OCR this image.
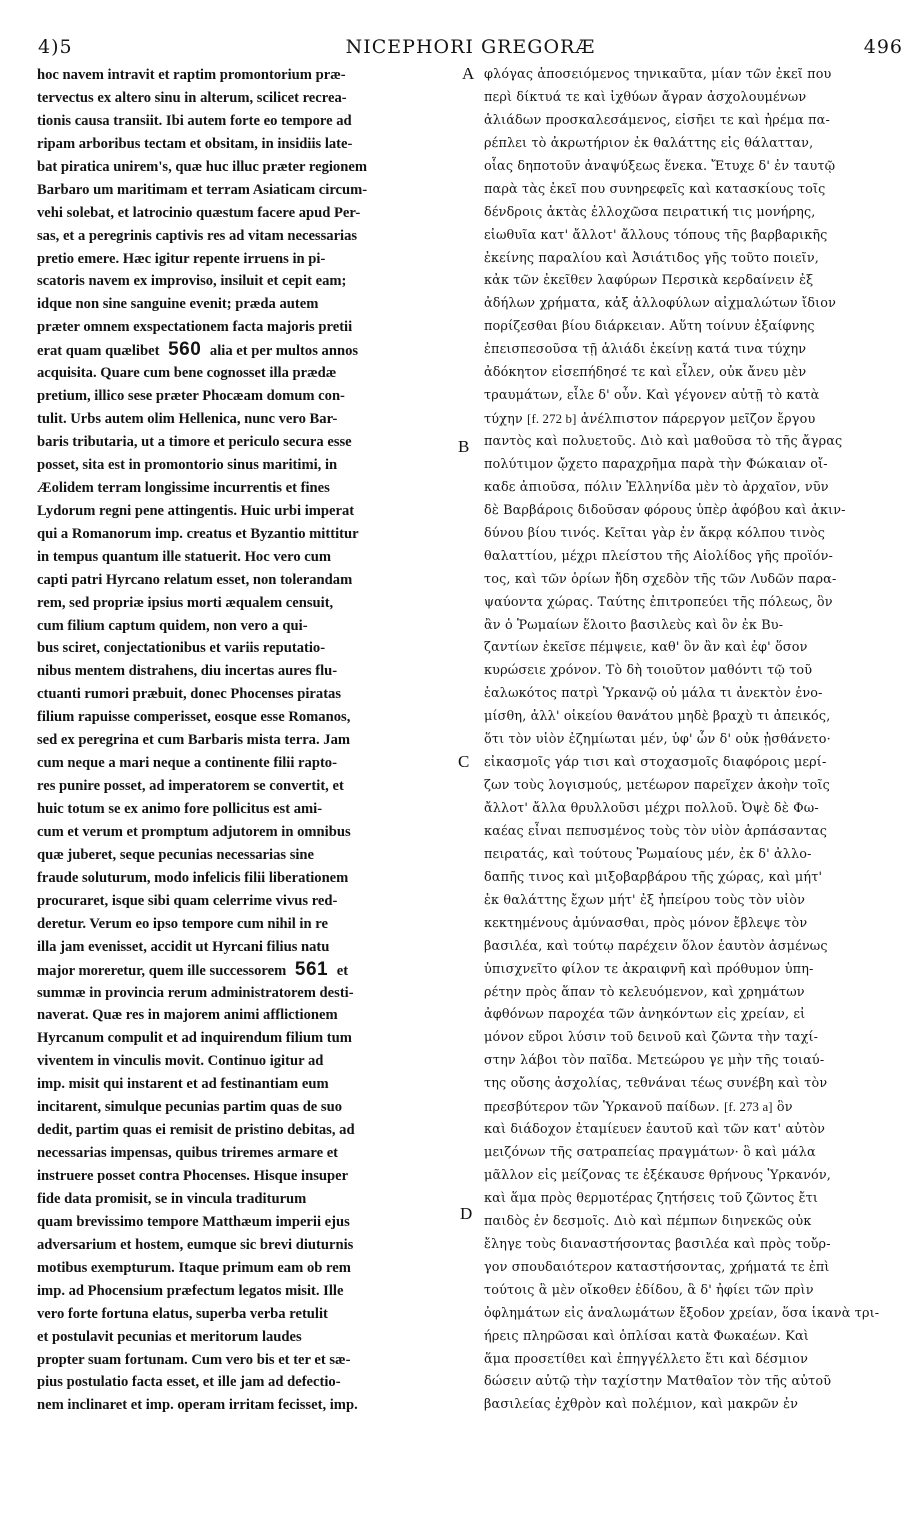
4)5	NICEPHORI GREGORÆ	496
hoc navem intravit et raptim promontorium præ-
tervectus ex altero sinu in alterum, scilicet recrea-
tionis causa transiit. Ibi autem forte eo tempore ad
ripam arboribus tectam et obsitam, in insidiis late-
bat piratica unirem's, quæ huc illuc præter regionem
Barbaro um maritimam et terram Asiaticam circum-
vehi solebat, et latrocinio quæstum facere apud Per-
sas, et a peregrinis captivis res ad vitam necessarias
pretio emere. Hæc igitur repente irruens in pi-
scatoris navem ex improviso, insiluit et cepit eam;
idque non sine sanguine evenit; præda autem
præter omnem exspectationem facta majoris pretii
erat quam quælibet 560 alia et per multos annos
acquisita. Quare cum bene cognosset illa prædæ
pretium, illico sese præter Phocæam domum con-
tulit. Urbs autem olim Hellenica, nunc vero Bar-
baris tributaria, ut a timore et periculo secura esse
posset, sita est in promontorio sinus maritimi, in
Æolidem terram longissime incurrentis et fines
Lydorum regni pene attingentis. Huic urbi imperat
qui a Romanorum imp. creatus et Byzantio mittitur
in tempus quantum ille statuerit. Hoc vero cum
capti patri Hyrcano relatum esset, non tolerandam
rem, sed propriæ ipsius morti æqualem censuit,
cum filium captum quidem, non vero a qui-
bus sciret, conjectationibus et variis reputatio-
nibus mentem distrahens, diu incertas aures flu-
ctuanti rumori præbuit, donec Phocenses piratas
filium rapuisse comperisset, eosque esse Romanos,
sed ex peregrina et cum Barbaris mista terra. Jam
cum neque a mari neque a continente filii rapto-
res punire posset, ad imperatorem se convertit, et
huic totum se ex animo fore pollicitus est ami-
cum et verum et promptum adjutorem in omnibus
quæ juberet, seque pecunias necessarias sine
fraude soluturum, modo infelicis filii liberationem
procuraret, isque sibi quam celerrime vivus red-
deretur. Verum eo ipso tempore cum nihil in re
illa jam evenisset, accidit ut Hyrcani filius natu
major moreretur, quem ille successorem 561 et
summæ in provincia rerum administratorem desti-
naverat. Quæ res in majorem animi afflictionem
Hyrcanum compulit et ad inquirendum filium tum
viventem in vinculis movit. Continuo igitur ad
imp. misit qui instarent et ad festinantiam eum
incitarent, simulque pecunias partim quas de suo
dedit, partim quas ei remisit de pristino debitas, ad
necessarias impensas, quibus triremes armare et
instruere posset contra Phocenses. Hisque insuper
fide data promisit, se in vincula traditurum
quam brevissimo tempore Matthæum imperii ejus
adversarium et hostem, eumque sic brevi diuturnis
motibus exempturum. Itaque primum eam ob rem
imp. ad Phocensium præfectum legatos misit. Ille
vero forte fortuna elatus, superba verba retulit
et postulavit pecunias et meritorum laudes
propter suam fortunam. Cum vero bis et ter et sæ-
pius postulatio facta esset, et ille jam ad defectio-
nem inclinaret et imp. operam irritam fecisset, imp.
φλόγας ἀποσειόμενος τηνικαῦτα, μίαν τῶν ἐκεῖ που
περὶ δίκτυά τε καὶ ἰχθύων ἄγραν ἀσχολουμένων
ἁλιάδων προσκαλεσάμενος, εἰσῆει τε καὶ ἠρέμα πα-
ρέπλει τὸ ἀκρωτήριον ἐκ θαλάττης εἰς θάλατταν,
οἷας δηποτοῦν ἀναψύξεως ἕνεκα. Ἔτυχε δ' ἐν ταυτῷ
παρὰ τὰς ἐκεῖ που συνηρεφεῖς καὶ κατασκίους τοῖς
δένδροις ἀκτὰς ἐλλοχῶσα πειρατική τις μονήρης,
εἰωθυῖα κατ' ἄλλοτ' ἄλλους τόπους τῆς βαρβαρικῆς
ἐκείνης παραλίου καὶ Ἀσιάτιδος γῆς τοῦτο ποιεῖν,
κἀκ τῶν ἐκεῖθεν λαφύρων Περσικὰ κερδαίνειν ἐξ
ἀδήλων χρήματα, κἀξ ἀλλοφύλων αἰχμαλώτων ἴδιον
πορίζεσθαι βίου διάρκειαν. Αὕτη τοίνυν ἐξαίφνης
ἐπεισπεσοῦσα τῇ ἁλιάδι ἐκείνῃ κατά τινα τύχην
ἀδόκητον εἰσεπήδησέ τε καὶ εἷλεν, οὐκ ἄνευ μὲν
τραυμάτων, εἷλε δ' οὖν. Καὶ γέγονεν αὐτῇ τὸ κατὰ
τύχην [f. 272 b] ἀνέλπιστον πάρεργον μεῖζον ἔργου
παντὸς καὶ πολυετοῦς. Διὸ καὶ μαθοῦσα τὸ τῆς ἄγρας
πολύτιμον ᾤχετο παραχρῆμα παρὰ τὴν Φώκαιαν οἴ-
καδε ἀπιοῦσα, πόλιν Ἑλληνίδα μὲν τὸ ἀρχαῖον, νῦν
δὲ Βαρβάροις διδοῦσαν φόρους ὑπὲρ ἀφόβου καὶ ἀκιν-
δύνου βίου τινός. Κεῖται γὰρ ἐν ἄκρᾳ κόλπου τινὸς
θαλαττίου, μέχρι πλείστου τῆς Αἰολίδος γῆς προϊόν-
τος, καὶ τῶν ὁρίων ἤδη σχεδὸν τῆς τῶν Λυδῶν παρα-
ψαύοντα χώρας. Ταύτης ἐπιτροπεύει τῆς πόλεως, ὃν
ἂν ὁ Ῥωμαίων ἕλοιτο βασιλεὺς καὶ ὃν ἐκ Βυ-
ζαντίων ἐκεῖσε πέμψειε, καθ' ὃν ἂν καὶ ἐφ' ὅσον
κυρώσειε χρόνον. Τὸ δὴ τοιοῦτον μαθόντι τῷ τοῦ
ἑαλωκότος πατρὶ Ὑρκανῷ οὐ μάλα τι ἀνεκτὸν ἐνο-
μίσθη, ἀλλ' οἰκείου θανάτου μηδὲ βραχὺ τι ἀπεικός,
ὅτι τὸν υἱὸν ἐζημίωται μέν, ὑφ' ὧν δ' οὐκ ᾐσθάνετο·
εἰκασμοῖς γάρ τισι καὶ στοχασμοῖς διαφόροις μερί-
ζων τοὺς λογισμούς, μετέωρον παρεῖχεν ἀκοὴν τοῖς
ἄλλοτ' ἄλλα θρυλλοῦσι μέχρι πολλοῦ. Ὀψὲ δὲ Φω-
καέας εἶναι πεπυσμένος τοὺς τὸν υἱὸν ἁρπάσαντας
πειρατάς, καὶ τούτους Ῥωμαίους μέν, ἐκ δ' ἀλλο-
δαπῆς τινος καὶ μιξοβαρβάρου τῆς χώρας, καὶ μήτ'
ἐκ θαλάττης ἔχων μήτ' ἐξ ἠπείρου τοὺς τὸν υἱὸν
κεκτημένους ἀμύνασθαι, πρὸς μόνον ἔβλεψε τὸν
βασιλέα, καὶ τούτῳ παρέχειν ὅλον ἑαυτὸν ἀσμένως
ὑπισχνεῖτο φίλον τε ἀκραιφνῆ καὶ πρόθυμον ὑπη-
ρέτην πρὸς ἅπαν τὸ κελευόμενον, καὶ χρημάτων
ἀφθόνων παροχέα τῶν ἀνηκόντων εἰς χρείαν, εἰ
μόνον εὕροι λύσιν τοῦ δεινοῦ καὶ ζῶντα τὴν ταχί-
στην λάβοι τὸν παῖδα. Μετεώρου γε μὴν τῆς τοιαύ-
της οὔσης ἀσχολίας, τεθνάναι τέως συνέβη καὶ τὸν
πρεσβύτερον τῶν Ὑρκανοῦ παίδων. [f. 273 a] ὃν
καὶ διάδοχον ἐταμίευεν ἑαυτοῦ καὶ τῶν κατ' αὐτὸν
μειζόνων τῆς σατραπείας πραγμάτων· ὃ καὶ μάλα
μᾶλλον εἰς μείζονας τε ἐξέκαυσε θρήνους Ὑρκανόν,
καὶ ἅμα πρὸς θερμοτέρας ζητήσεις τοῦ ζῶντος ἔτι
παιδὸς ἐν δεσμοῖς. Διὸ καὶ πέμπων διηνεκῶς οὐκ
ἔληγε τοὺς διαναστήσοντας βασιλέα καὶ πρὸς τοὔρ-
γον σπουδαιότερον καταστήσοντας, χρήματά τε ἐπὶ
τούτοις ἃ μὲν οἴκοθεν ἐδίδου, ἃ δ' ἠφίει τῶν πρὶν
ὀφλημάτων εἰς ἀναλωμάτων ἔξοδον χρείαν, ὅσα ἱκανὰ τρι-
ήρεις πληρῶσαι καὶ ὁπλίσαι κατὰ Φωκαέων. Καὶ
ἅμα προσετίθει καὶ ἐπηγγέλλετο ἔτι καὶ δέσμιον
δώσειν αὐτῷ τὴν ταχίστην Ματθαῖον τὸν τῆς αὐτοῦ
βασιλείας ἐχθρὸν καὶ πολέμιον, καὶ μακρῶν ἐν
A
B
C
D
